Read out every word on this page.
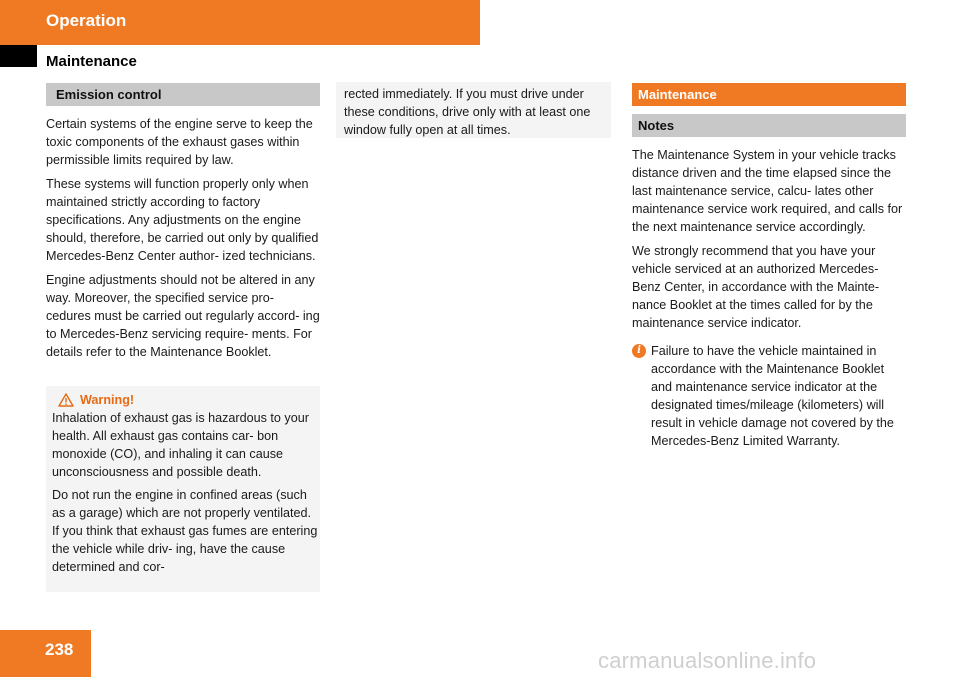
Operation
Maintenance
Emission control

Certain systems of the engine serve to keep the toxic components of the exhaust gases within permissible limits required by law.

These systems will function properly only when maintained strictly according to factory specifications. Any adjustments on the engine should, therefore, be carried out only by qualified Mercedes-Benz Center author- ized technicians.

Engine adjustments should not be altered in any way. Moreover, the specified service pro- cedures must be carried out regularly accord- ing to Mercedes-Benz servicing require- ments. For details refer to the Maintenance Booklet.

Warning!

Inhalation of exhaust gas is hazardous to your health. All exhaust gas contains car- bon monoxide (CO), and inhaling it can cause unconsciousness and possible death.

Do not run the engine in confined areas (such as a garage) which are not properly ventilated. If you think that exhaust gas fumes are entering the vehicle while driv- ing, have the cause determined and cor-

rected immediately. If you must drive under these conditions, drive only with at least one window fully open at all times.
Maintenance
Notes

The Maintenance System in your vehicle tracks distance driven and the time elapsed since the last maintenance service, calcu- lates other maintenance service work required, and calls for the next maintenance service accordingly.

We strongly recommend that you have your vehicle serviced at an authorized Mercedes- Benz Center, in accordance with the Mainte- nance Booklet at the times called for by the maintenance service indicator.

i Failure to have the vehicle maintained in accordance with the Maintenance Booklet and maintenance service indicator at the designated times/mileage (kilometers) will result in vehicle damage not covered by the Mercedes-Benz Limited Warranty.
238	carmanualsonline.info
